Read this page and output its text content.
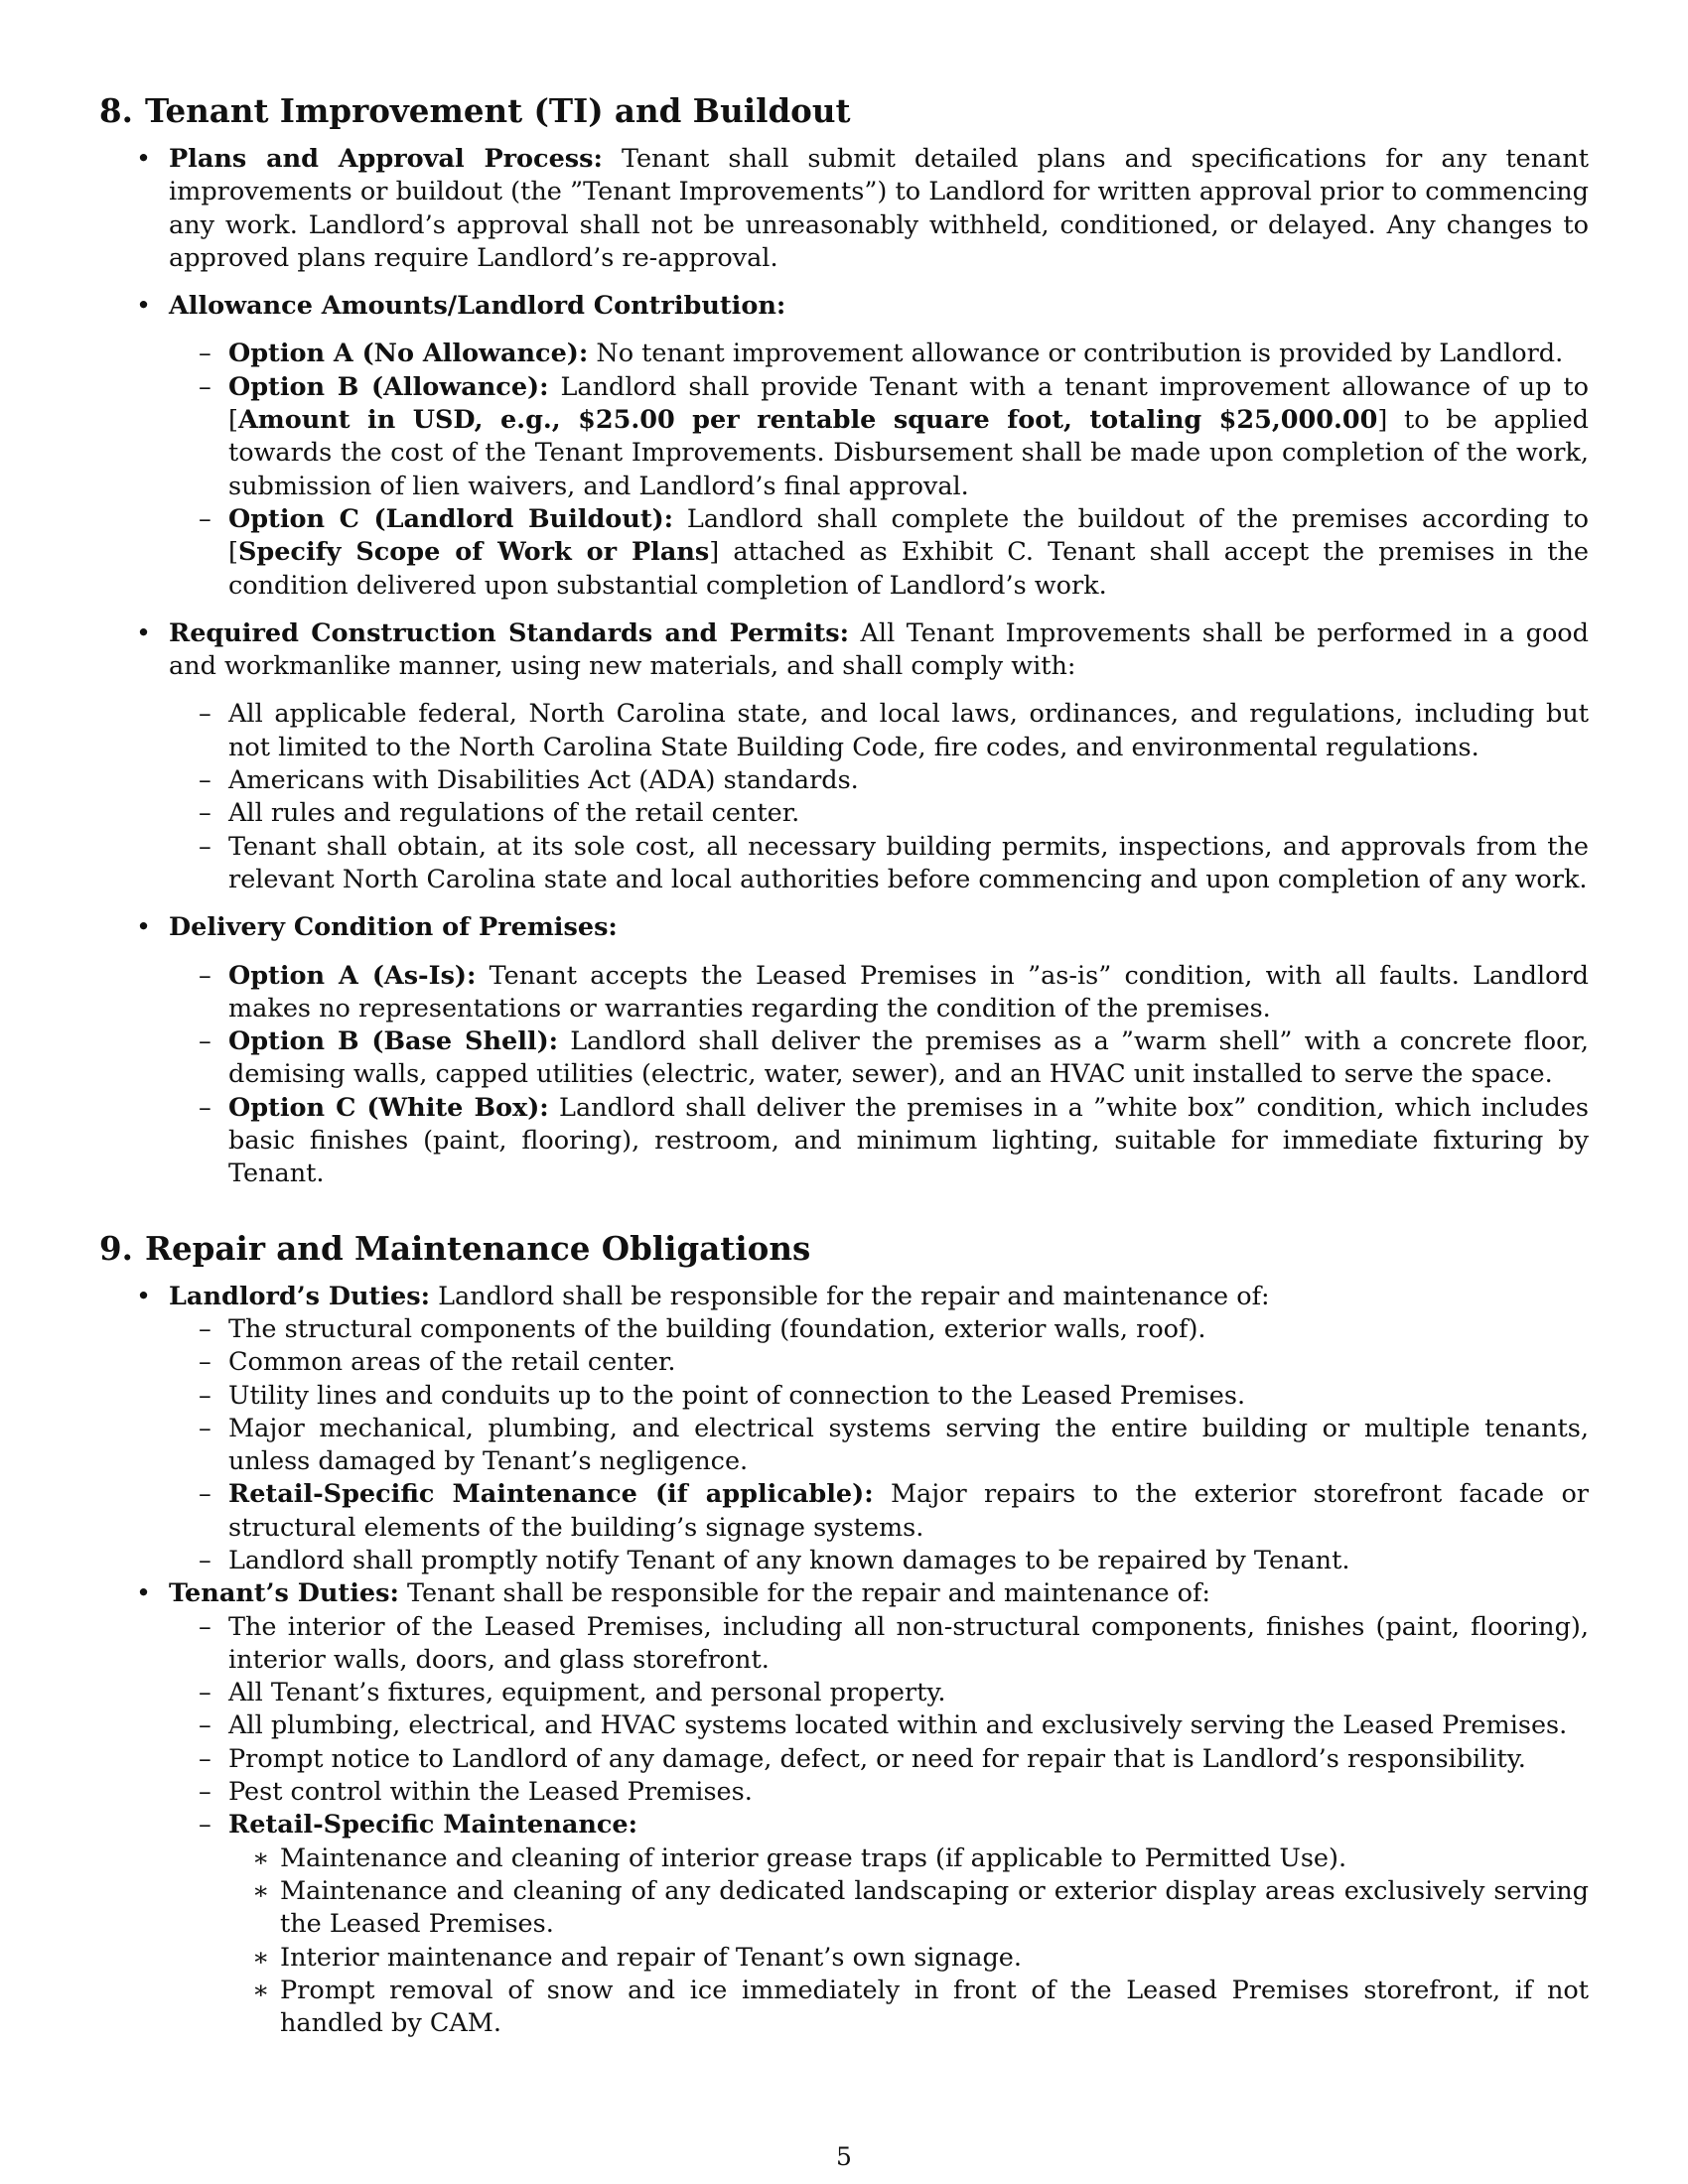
8. Tenant Improvement (TI) and Buildout
• Plans and Approval Process: Tenant shall submit detailed plans and specifications for any tenant improvements or buildout (the ”Tenant Improvements”) to Landlord for written approval prior to commencing any work. Landlord’s approval shall not be unreasonably withheld, conditioned, or delayed. Any changes to approved plans require Landlord’s re-approval.
• Allowance Amounts/Landlord Contribution:
– Option A (No Allowance): No tenant improvement allowance or contribution is provided by Landlord.
– Option B (Allowance): Landlord shall provide Tenant with a tenant improvement allowance of up to [Amount in USD, e.g., $25.00 per rentable square foot, totaling $25,000.00] to be applied towards the cost of the Tenant Improvements. Disbursement shall be made upon completion of the work, submission of lien waivers, and Landlord’s final approval.
– Option C (Landlord Buildout): Landlord shall complete the buildout of the premises according to [Specify Scope of Work or Plans] attached as Exhibit C. Tenant shall accept the premises in the condition delivered upon substantial completion of Landlord’s work.
• Required Construction Standards and Permits: All Tenant Improvements shall be performed in a good and workmanlike manner, using new materials, and shall comply with:
– All applicable federal, North Carolina state, and local laws, ordinances, and regulations, including but not limited to the North Carolina State Building Code, fire codes, and environmental regulations.
– Americans with Disabilities Act (ADA) standards.
– All rules and regulations of the retail center.
– Tenant shall obtain, at its sole cost, all necessary building permits, inspections, and approvals from the relevant North Carolina state and local authorities before commencing and upon completion of any work.
• Delivery Condition of Premises:
– Option A (As-Is): Tenant accepts the Leased Premises in ”as-is” condition, with all faults. Landlord makes no representations or warranties regarding the condition of the premises.
– Option B (Base Shell): Landlord shall deliver the premises as a ”warm shell” with a concrete floor, demising walls, capped utilities (electric, water, sewer), and an HVAC unit installed to serve the space.
– Option C (White Box): Landlord shall deliver the premises in a ”white box” condition, which includes basic finishes (paint, flooring), restroom, and minimum lighting, suitable for immediate fixturing by Tenant.
9. Repair and Maintenance Obligations
• Landlord’s Duties: Landlord shall be responsible for the repair and maintenance of:
– The structural components of the building (foundation, exterior walls, roof).
– Common areas of the retail center.
– Utility lines and conduits up to the point of connection to the Leased Premises.
– Major mechanical, plumbing, and electrical systems serving the entire building or multiple tenants, unless damaged by Tenant’s negligence.
– Retail-Specific Maintenance (if applicable): Major repairs to the exterior storefront facade or structural elements of the building’s signage systems.
– Landlord shall promptly notify Tenant of any known damages to be repaired by Tenant.
• Tenant’s Duties: Tenant shall be responsible for the repair and maintenance of:
– The interior of the Leased Premises, including all non-structural components, finishes (paint, flooring), interior walls, doors, and glass storefront.
– All Tenant’s fixtures, equipment, and personal property.
– All plumbing, electrical, and HVAC systems located within and exclusively serving the Leased Premises.
– Prompt notice to Landlord of any damage, defect, or need for repair that is Landlord’s responsibility.
– Pest control within the Leased Premises.
– Retail-Specific Maintenance:
∗ Maintenance and cleaning of interior grease traps (if applicable to Permitted Use).
∗ Maintenance and cleaning of any dedicated landscaping or exterior display areas exclusively serving the Leased Premises.
∗ Interior maintenance and repair of Tenant’s own signage.
∗ Prompt removal of snow and ice immediately in front of the Leased Premises storefront, if not handled by CAM.
5
